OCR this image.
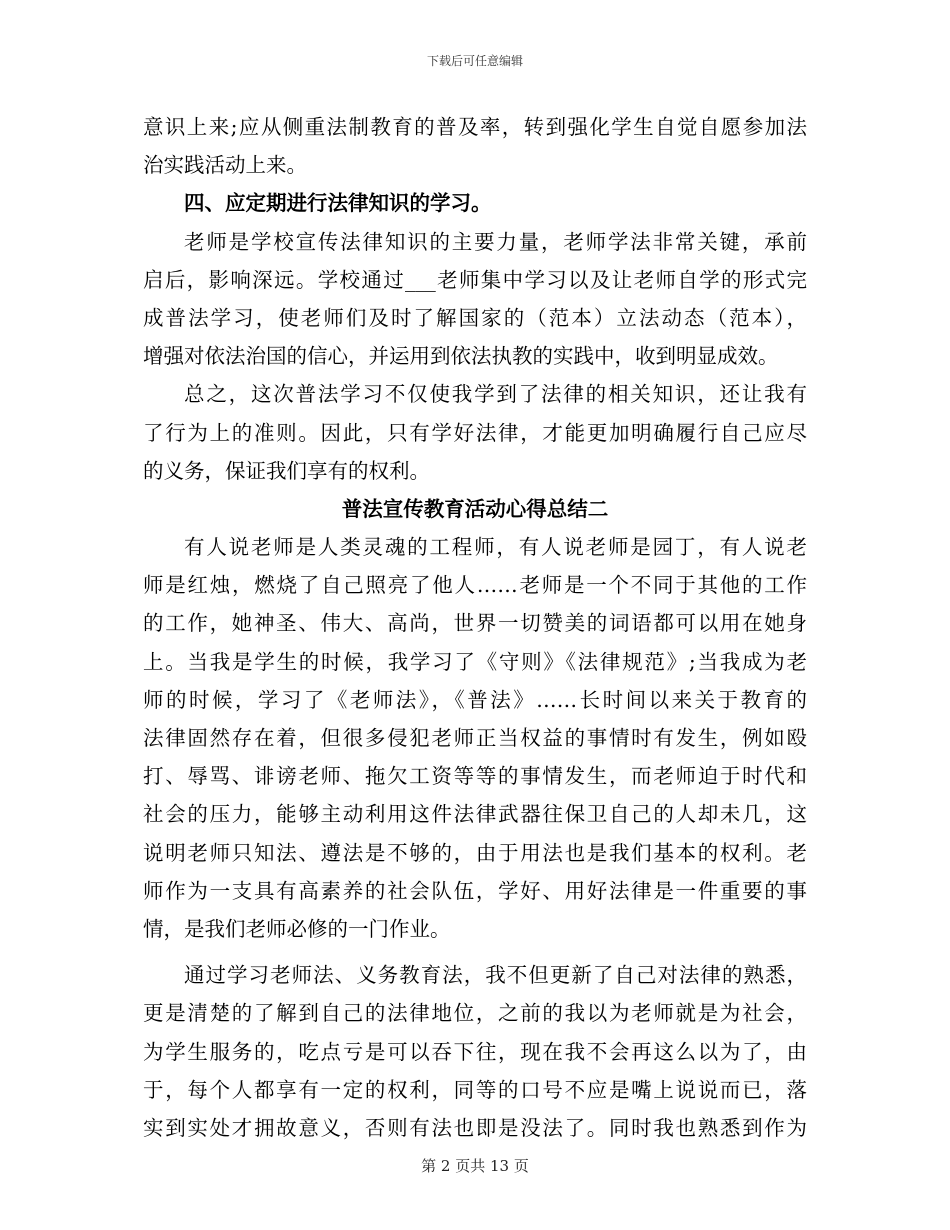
下载后可任意编辑
意识上来;应从侧重法制教育的普及率，转到强化学生自觉自愿参加法
治实践活动上来。
四、应定期进行法律知识的学习。
老师是学校宣传法律知识的主要力量，老师学法非常关键，承前
启后，影响深远。学校通过___老师集中学习以及让老师自学的形式完
成普法学习，使老师们及时了解国家的（范本）立法动态（范本），
增强对依法治国的信心，并运用到依法执教的实践中，收到明显成效。
总之，这次普法学习不仅使我学到了法律的相关知识，还让我有
了行为上的准则。因此，只有学好法律，才能更加明确履行自己应尽
的义务，保证我们享有的权利。
普法宣传教育活动心得总结二
有人说老师是人类灵魂的工程师，有人说老师是园丁，有人说老
师是红烛，燃烧了自己照亮了他人……老师是一个不同于其他的工作
的工作，她神圣、伟大、高尚，世界一切赞美的词语都可以用在她身
上。当我是学生的时候，我学习了《守则》《法律规范》;当我成为老
师的时候，学习了《老师法》，《普法》……长时间以来关于教育的
法律固然存在着，但很多侵犯老师正当权益的事情时有发生，例如殴
打、辱骂、诽谤老师、拖欠工资等等的事情发生，而老师迫于时代和
社会的压力，能够主动利用这件法律武器往保卫自己的人却未几，这
说明老师只知法、遵法是不够的，由于用法也是我们基本的权利。老
师作为一支具有高素养的社会队伍，学好、用好法律是一件重要的事
情，是我们老师必修的一门作业。
通过学习老师法、义务教育法，我不但更新了自己对法律的熟悉，
更是清楚的了解到自己的法律地位，之前的我以为老师就是为社会，
为学生服务的，吃点亏是可以吞下往，现在我不会再这么以为了，由
于，每个人都享有一定的权利，同等的口号不应是嘴上说说而已，落
实到实处才拥故意义，否则有法也即是没法了。同时我也熟悉到作为
第 2 页共 13 页
